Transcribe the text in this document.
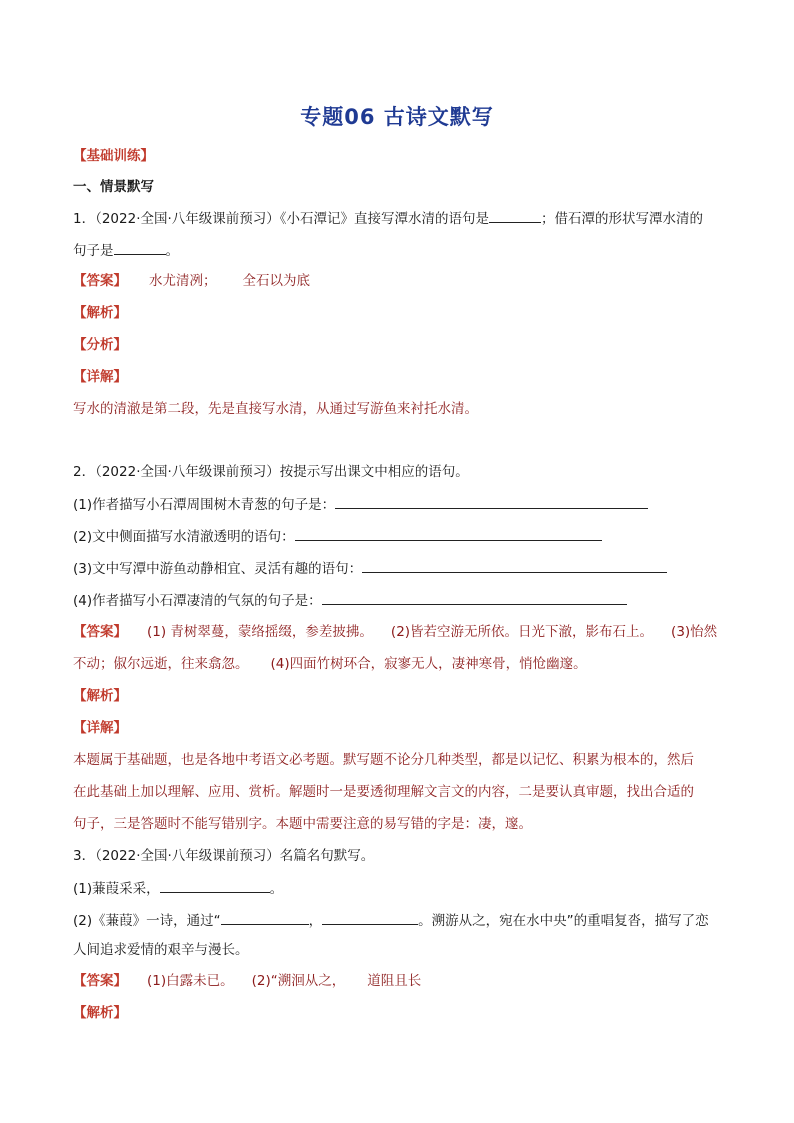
专题06 古诗文默写
【基础训练】
一、情景默写
1．（2022·全国·八年级课前预习）《小石潭记》直接写潭水清的语句是	；借石潭的形状写潭水清的
句子是	。
【答案】 水尤清冽； 全石以为底
【解析】
【分析】
【详解】
写水的清澈是第二段，先是直接写水清，从通过写游鱼来衬托水清。
2．（2022·全国·八年级课前预习）按提示写出课文中相应的语句。
(1)作者描写小石潭周围树木青葱的句子是：
(2)文中侧面描写水清澈透明的语句：
(3)文中写潭中游鱼动静相宜、灵活有趣的语句：
(4)作者描写小石潭凄清的气氛的句子是：
【答案】 (1) 青树翠蔓，蒙络摇缀，参差披拂。 (2)皆若空游无所依。日光下澈，影布石上。 (3)怡然
不动；俶尔远逝，往来翕忽。 (4)四面竹树环合，寂寥无人，凄神寒骨，悄怆幽邃。
【解析】
【详解】
本题属于基础题，也是各地中考语文必考题。默写题不论分几种类型，都是以记忆、积累为根本的，然后
在此基础上加以理解、应用、赏析。解题时一是要透彻理解文言文的内容，二是要认真审题，找出合适的
句子，三是答题时不能写错别字。本题中需要注意的易写错的字是：凄，邃。
3．（2022·全国·八年级课前预习）名篇名句默写。
(1)蒹葭采采，	。
(2)《蒹葭》一诗，通过“	，	。溯游从之，宛在水中央”的重唱复沓，描写了恋
人间追求爱情的艰辛与漫长。
【答案】 (1)白露未已。 (2)“溯洄从之， 道阻且长
【解析】
